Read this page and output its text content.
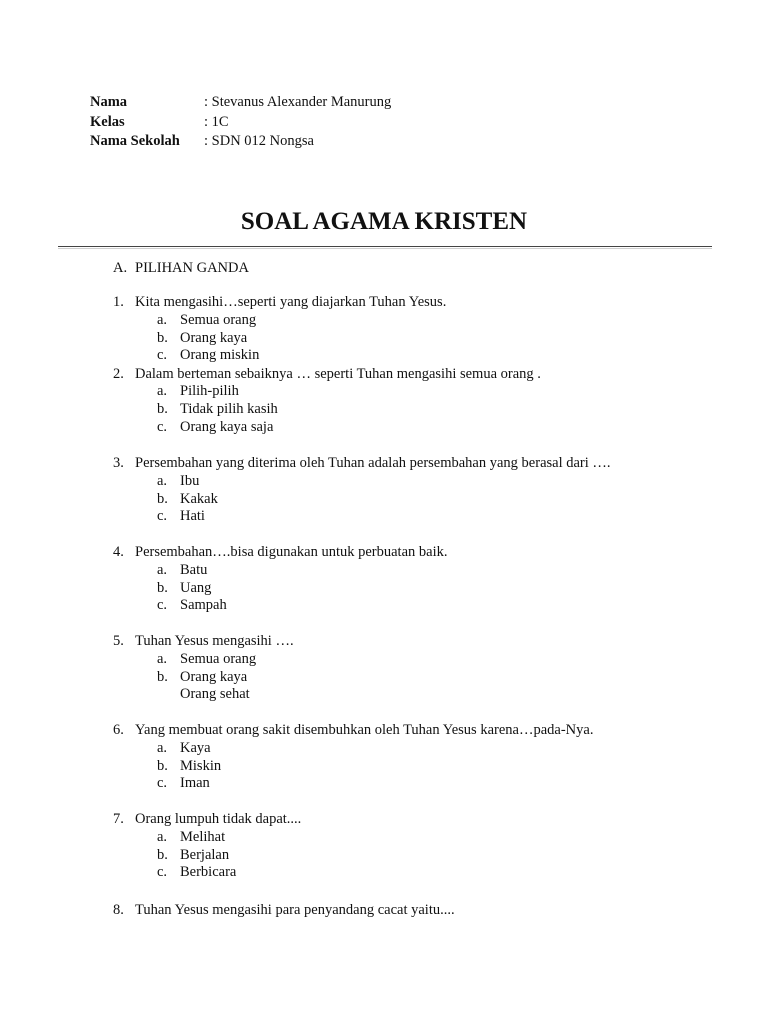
Nama	: Stevanus Alexander Manurung
Kelas	: 1C
Nama Sekolah : SDN 012 Nongsa
SOAL AGAMA KRISTEN
A. PILIHAN GANDA
1. Kita mengasihi…seperti yang diajarkan Tuhan Yesus.
a. Semua orang
b. Orang kaya
c. Orang miskin
2. Dalam berteman sebaiknya … seperti Tuhan mengasihi semua orang .
a. Pilih-pilih
b. Tidak pilih kasih
c. Orang kaya saja
3. Persembahan yang diterima oleh Tuhan adalah persembahan yang berasal dari ….
a. Ibu
b. Kakak
c. Hati
4. Persembahan….bisa digunakan untuk perbuatan baik.
a. Batu
b. Uang
c. Sampah
5. Tuhan Yesus mengasihi ….
a. Semua orang
b. Orang kaya
Orang sehat
6. Yang membuat orang sakit disembuhkan oleh Tuhan Yesus karena…pada-Nya.
a. Kaya
b. Miskin
c. Iman
7. Orang lumpuh tidak dapat....
a. Melihat
b. Berjalan
c. Berbicara
8. Tuhan Yesus mengasihi para penyandang cacat yaitu....
